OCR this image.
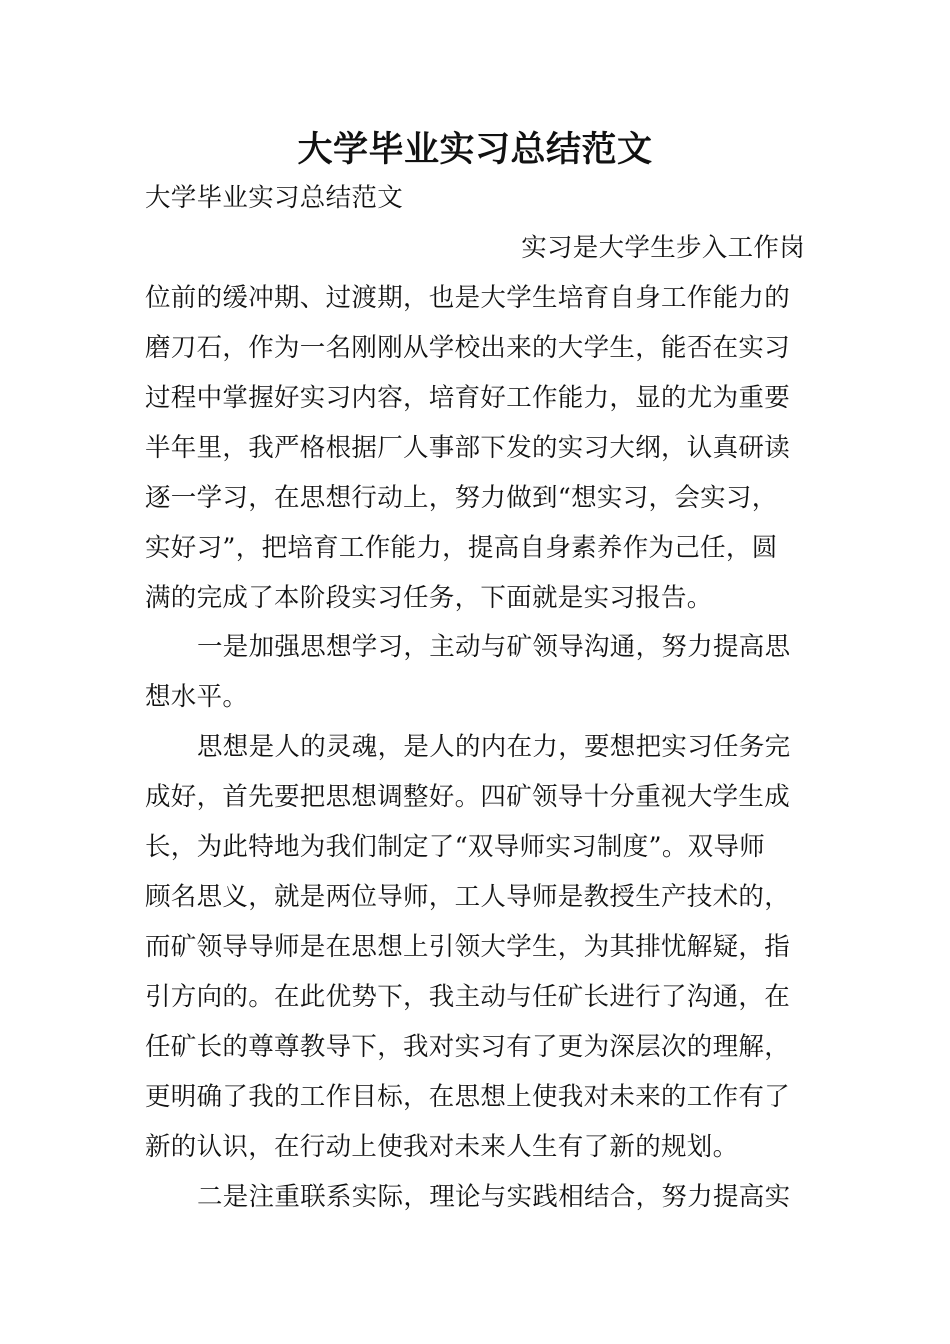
大学毕业实习总结范文
大学毕业实习总结范文
实习是大学生步入工作岗
位前的缓冲期、过渡期，也是大学生培育自身工作能力的
磨刀石，作为一名刚刚从学校出来的大学生，能否在实习
过程中掌握好实习内容，培育好工作能力，显的尤为重要
半年里，我严格根据厂人事部下发的实习大纲，认真研读
逐一学习，在思想行动上，努力做到“想实习，会实习，
实好习”，把培育工作能力，提高自身素养作为己任，圆
满的完成了本阶段实习任务，下面就是实习报告。
一是加强思想学习，主动与矿领导沟通，努力提高思
想水平。
思想是人的灵魂，是人的内在力，要想把实习任务完
成好，首先要把思想调整好。四矿领导十分重视大学生成
长，为此特地为我们制定了“双导师实习制度”。双导师
顾名思义，就是两位导师，工人导师是教授生产技术的，
而矿领导导师是在思想上引领大学生，为其排忧解疑，指
引方向的。在此优势下，我主动与任矿长进行了沟通，在
任矿长的尊尊教导下，我对实习有了更为深层次的理解，
更明确了我的工作目标，在思想上使我对未来的工作有了
新的认识，在行动上使我对未来人生有了新的规划。
二是注重联系实际，理论与实践相结合，努力提高实
